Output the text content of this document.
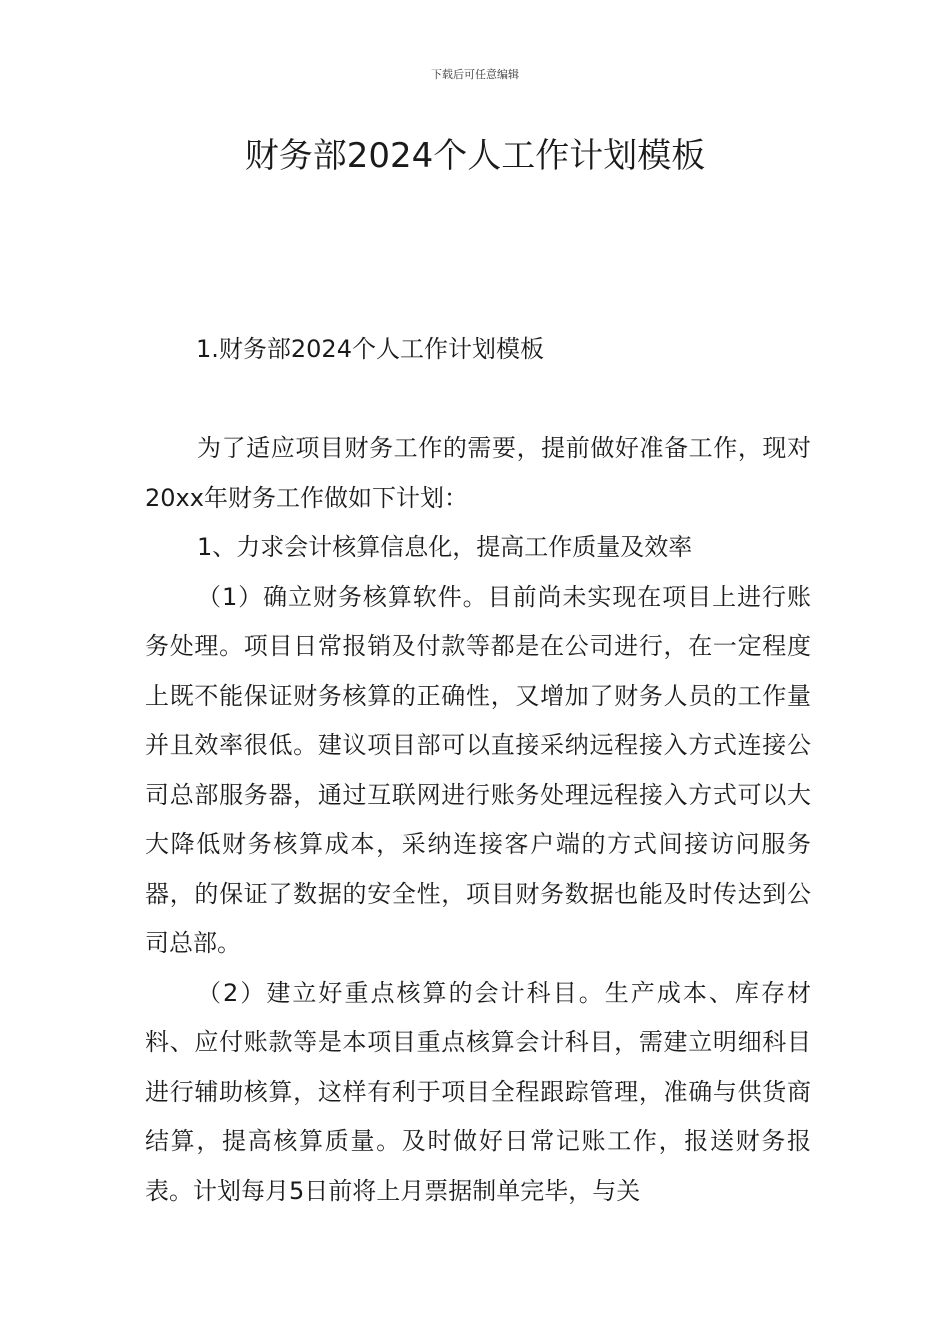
下载后可任意编辑
财务部2024个人工作计划模板
1.财务部2024个人工作计划模板

为了适应项目财务工作的需要，提前做好准备工作，现对20xx年财务工作做如下计划：

1、力求会计核算信息化，提高工作质量及效率

（1）确立财务核算软件。目前尚未实现在项目上进行账务处理。项目日常报销及付款等都是在公司进行，在一定程度上既不能保证财务核算的正确性，又增加了财务人员的工作量并且效率很低。建议项目部可以直接采纳远程接入方式连接公司总部服务器，通过互联网进行账务处理远程接入方式可以大大降低财务核算成本，采纳连接客户端的方式间接访问服务器，的保证了数据的安全性，项目财务数据也能及时传达到公司总部。

（2）建立好重点核算的会计科目。生产成本、库存材料、应付账款等是本项目重点核算会计科目，需建立明细科目进行辅助核算，这样有利于项目全程跟踪管理，准确与供货商结算，提高核算质量。及时做好日常记账工作，报送财务报表。计划每月5日前将上月票据制单完毕，与关
